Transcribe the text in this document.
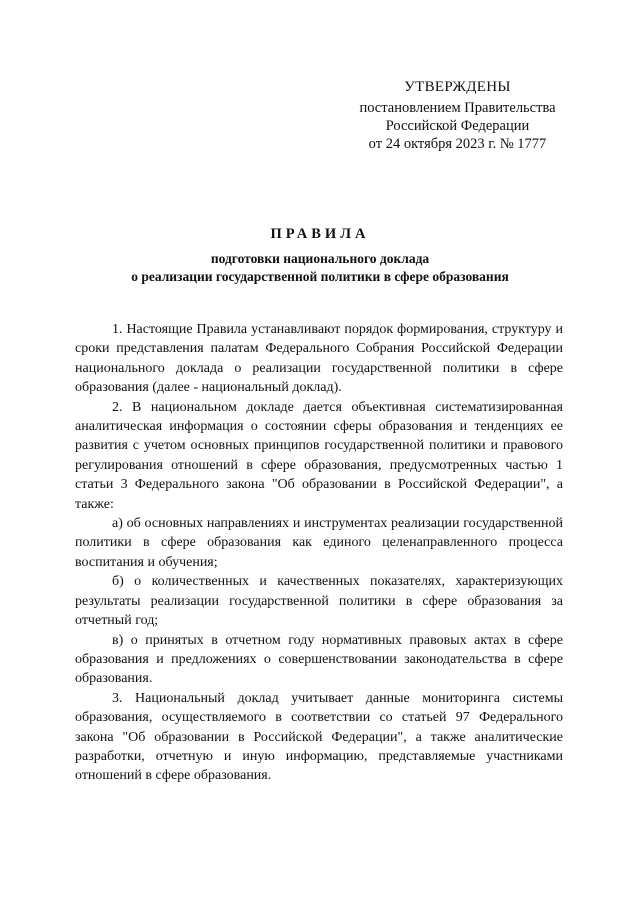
УТВЕРЖДЕНЫ
постановлением Правительства
Российской Федерации
от 24 октября 2023 г. № 1777
ПРАВИЛА
подготовки национального доклада
о реализации государственной политики в сфере образования

1. Настоящие Правила устанавливают порядок формирования, структуру и сроки представления палатам Федерального Собрания Российской Федерации национального доклада о реализации государственной политики в сфере образования (далее - национальный доклад).

2. В национальном докладе дается объективная систематизированная аналитическая информация о состоянии сферы образования и тенденциях ее развития с учетом основных принципов государственной политики и правового регулирования отношений в сфере образования, предусмотренных частью 1 статьи 3 Федерального закона "Об образовании в Российской Федерации", а также:

а) об основных направлениях и инструментах реализации государственной политики в сфере образования как единого целенаправленного процесса воспитания и обучения;

б) о количественных и качественных показателях, характеризующих результаты реализации государственной политики в сфере образования за отчетный год;

в) о принятых в отчетном году нормативных правовых актах в сфере образования и предложениях о совершенствовании законодательства в сфере образования.

3. Национальный доклад учитывает данные мониторинга системы образования, осуществляемого в соответствии со статьей 97 Федерального закона "Об образовании в Российской Федерации", а также аналитические разработки, отчетную и иную информацию, представляемые участниками отношений в сфере образования.
